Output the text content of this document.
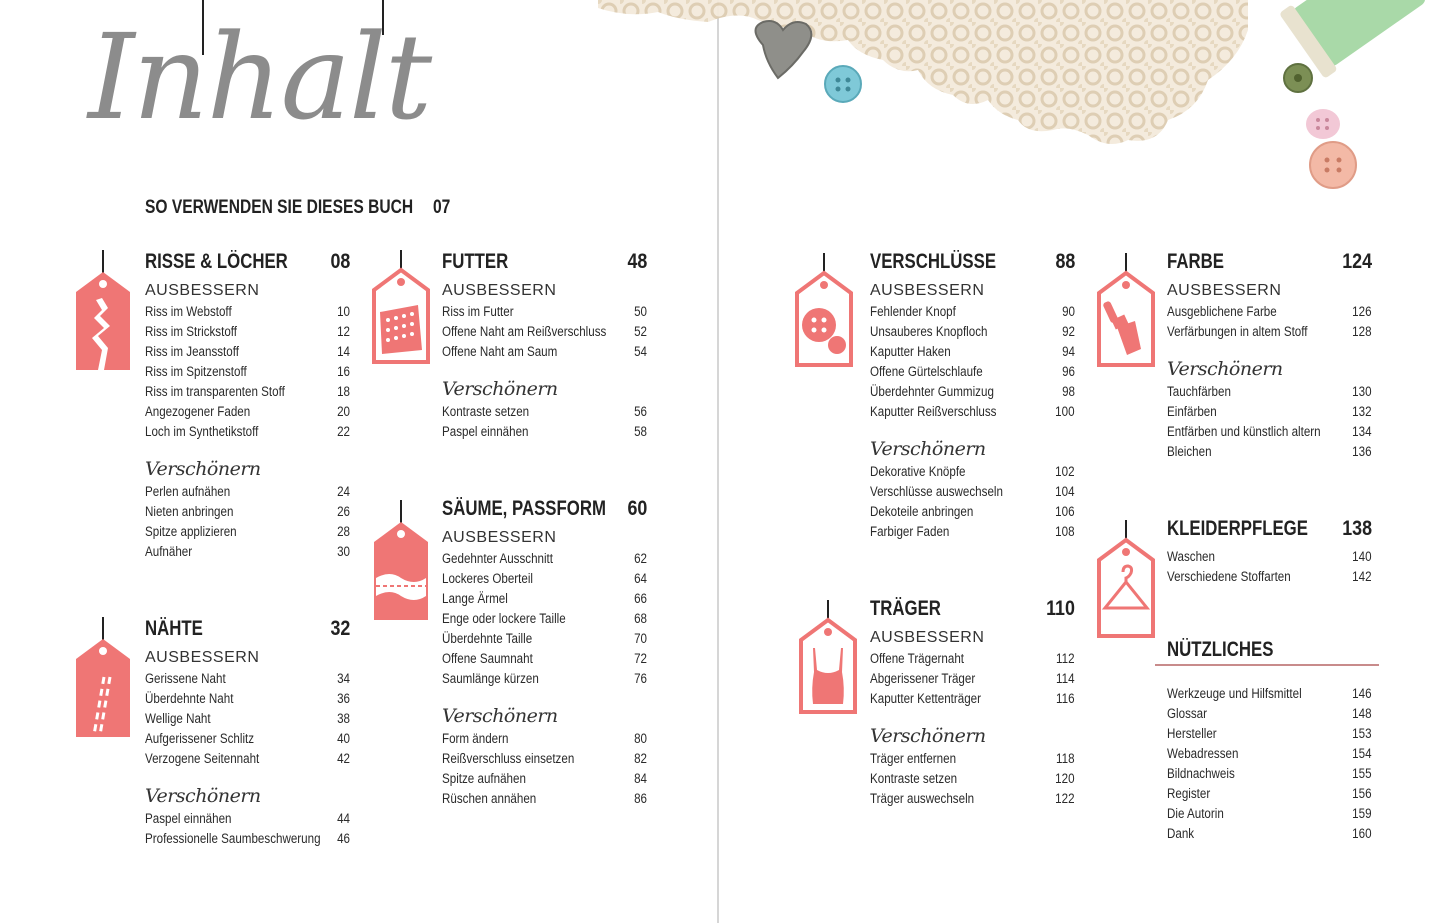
Inhalt
SO VERWENDEN SIE DIESES BUCH 07
RISSE & LÖCHER 08
AUSBESSERN
Riss im Webstoff	10
Riss im Strickstoff	12
Riss im Jeansstoff	14
Riss im Spitzenstoff	16
Riss im transparenten Stoff	18
Angezogener Faden	20
Loch im Synthetikstoff	22
Verschönern
Perlen aufnähen	24
Nieten anbringen	26
Spitze applizieren	28
Aufnäher	30
NÄHTE	32
AUSBESSERN
Gerissene Naht	34
Überdehnte Naht	36
Wellige Naht	38
Aufgerissener Schlitz	40
Verzogene Seitennaht	42
Verschönern
Paspel einnähen	44
Professionelle Saumbeschwerung 46
FUTTER	48
AUSBESSERN
Riss im Futter	50
Offene Naht am Reißverschluss 52
Offene Naht am Saum	54
Verschönern
Kontraste setzen	56
Paspel einnähen	58
SÄUME, PASSFORM 60
AUSBESSERN
Gedehnter Ausschnitt	62
Lockeres Oberteil	64
Lange Ärmel	66
Enge oder lockere Taille	68
Überdehnte Taille	70
Offene Saumnaht	72
Saumlänge kürzen	76
Verschönern
Form ändern	80
Reißverschluss einsetzen	82
Spitze aufnähen	84
Rüschen annähen	86
VERSCHLÜSSE	88
AUSBESSERN
Fehlender Knopf	90
Unsauberes Knopfloch	92
Kaputter Haken	94
Offene Gürtelschlaufe	96
Überdehnter Gummizug	98
Kaputter Reißverschluss	100
Verschönern
Dekorative Knöpfe	102
Verschlüsse auswechseln	104
Dekoteile anbringen	106
Farbiger Faden	108
TRÄGER	110
AUSBESSERN
Offene Trägernaht	112
Abgerissener Träger	114
Kaputter Kettenträger	116
Verschönern
Träger entfernen	118
Kontraste setzen	120
Träger auswechseln	122
FARBE	124
AUSBESSERN
Ausgeblichene Farbe	126
Verfärbungen in altem Stoff	128
Verschönern
Tauchfärben	130
Einfärben	132
Entfärben und künstlich altern 134
Bleichen	136
KLEIDERPFLEGE 138
Waschen	140
Verschiedene Stoffarten	142
NÜTZLICHES
Werkzeuge und Hilfsmittel	146
Glossar	148
Hersteller	153
Webadressen	154
Bildnachweis	155
Register	156
Die Autorin	159
Dank	160
